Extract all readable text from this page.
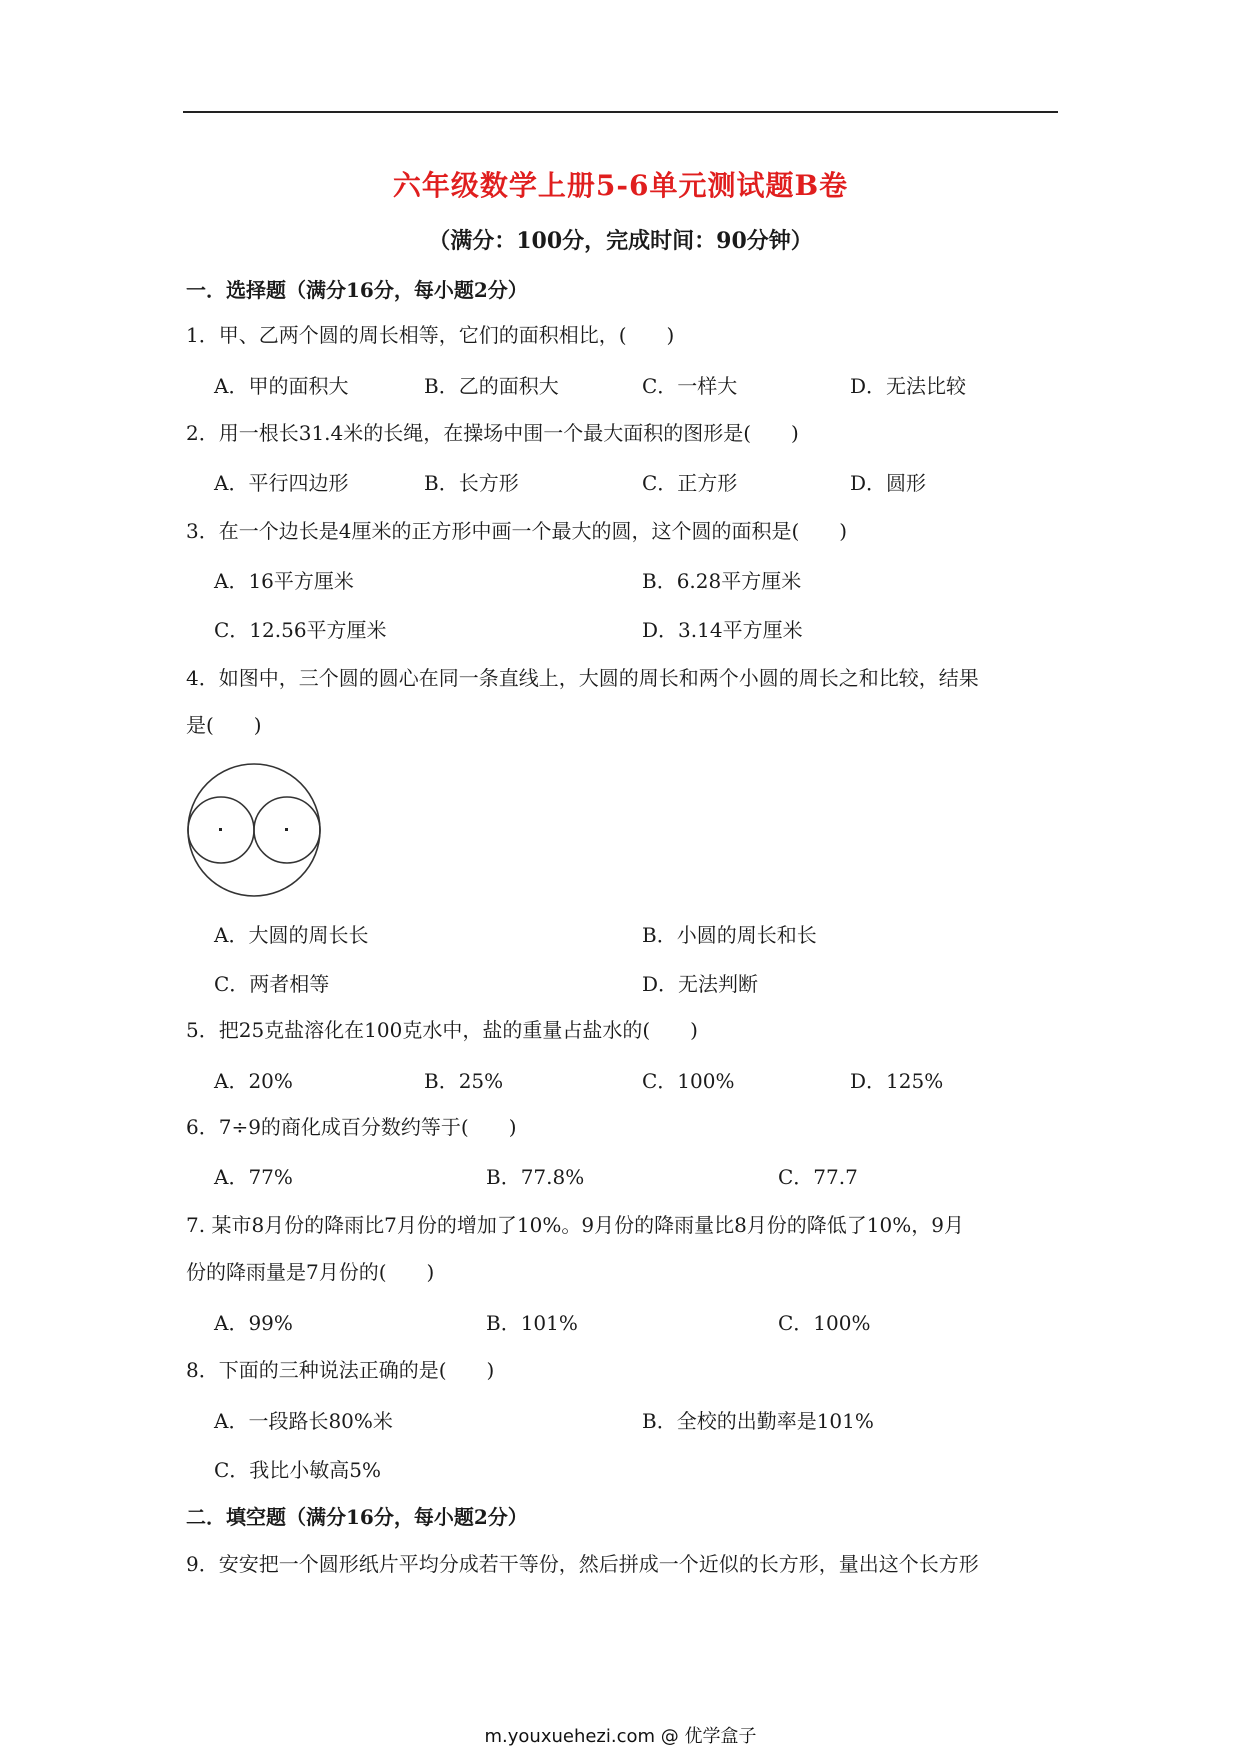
六年级数学上册5-6单元测试题B卷
（满分：100分，完成时间：90分钟）
一．选择题（满分16分，每小题2分）
1．甲、乙两个圆的周长相等，它们的面积相比，(　　)
A．甲的面积大	B．乙的面积大	C．一样大	D．无法比较
2．用一根长31.4米的长绳，在操场中围一个最大面积的图形是(　　)
A．平行四边形	B．长方形	C．正方形	D．圆形
3．在一个边长是4厘米的正方形中画一个最大的圆，这个圆的面积是(　　)
A．16平方厘米	B．6.28平方厘米
C．12.56平方厘米	D．3.14平方厘米
4．如图中，三个圆的圆心在同一条直线上，大圆的周长和两个小圆的周长之和比较，结果
是(　　)
A．大圆的周长长	B．小圆的周长和长
C．两者相等	D．无法判断
5．把25克盐溶化在100克水中，盐的重量占盐水的(　　)
A．20%	B．25%	C．100%	D．125%
6．7÷9的商化成百分数约等于(　　)
A．77%	B．77.8%	C．77.7
7. 某市8月份的降雨比7月份的增加了10%。9月份的降雨量比8月份的降低了10%，9月
份的降雨量是7月份的(　　)
A．99%	B．101%	C．100%
8．下面的三种说法正确的是(　　)
A．一段路长80%米	B．全校的出勤率是101%
C．我比小敏高5%
二．填空题（满分16分，每小题2分）
9．安安把一个圆形纸片平均分成若干等份，然后拼成一个近似的长方形，量出这个长方形
m.youxuehezi.com @ 优学盒子
